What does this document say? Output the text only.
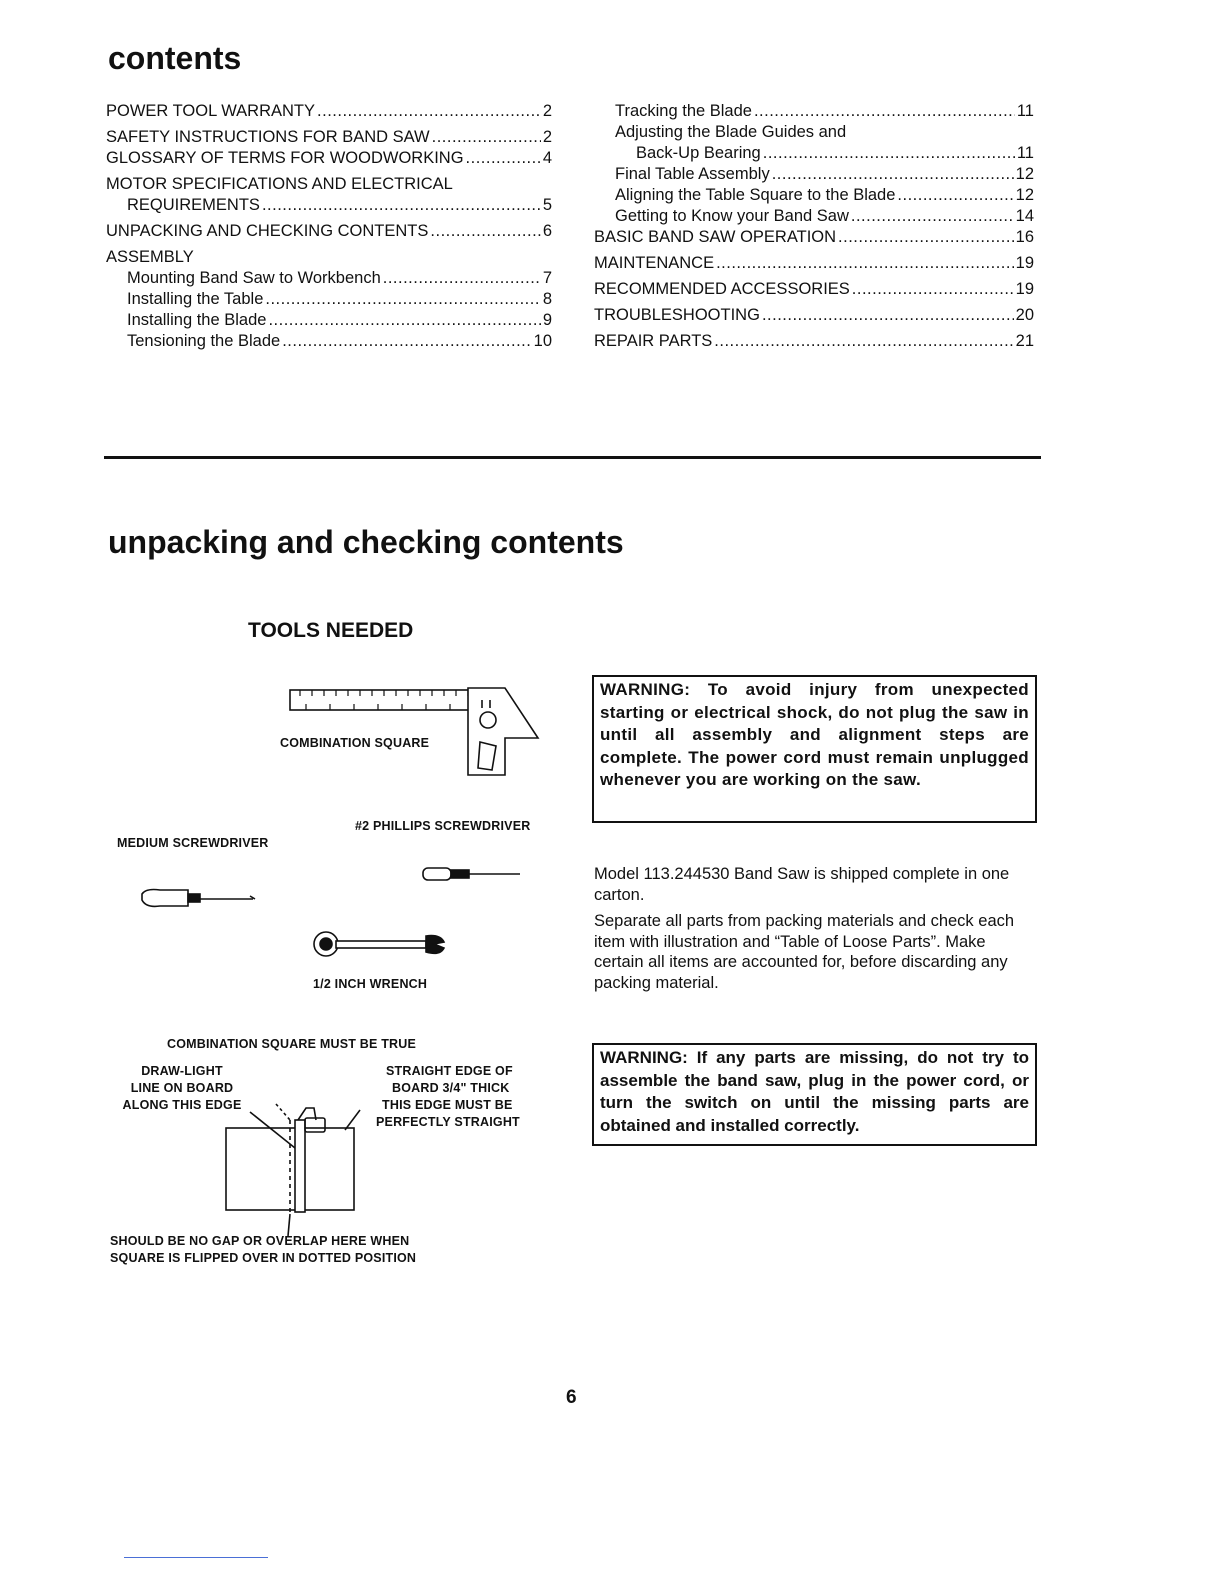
contents
POWER TOOL WARRANTY .....	2
SAFETY INSTRUCTIONS FOR BAND SAW .....	2
GLOSSARY OF TERMS FOR WOODWORKING .....	4
MOTOR SPECIFICATIONS AND ELECTRICAL
REQUIREMENTS .....	5
UNPACKING AND CHECKING CONTENTS .....	6
ASSEMBLY
Mounting Band Saw to Workbench .....	7
Installing the Table .....	8
Installing the Blade .....	9
Tensioning the Blade .....	10
Tracking the Blade .....	11
Adjusting the Blade Guides and
Back-Up Bearing .....	11
Final Table Assembly .....	12
Aligning the Table Square to the Blade .....	12
Getting to Know your Band Saw .....	14
BASIC BAND SAW OPERATION .....	16
MAINTENANCE .....	19
RECOMMENDED ACCESSORIES .....	19
TROUBLESHOOTING .....	20
REPAIR PARTS .....	21
unpacking and checking contents
TOOLS NEEDED
COMBINATION SQUARE
#2 PHILLIPS SCREWDRIVER
MEDIUM SCREWDRIVER
1/2 INCH WRENCH
COMBINATION SQUARE MUST BE TRUE
DRAW-LIGHT
LINE ON BOARD
ALONG THIS EDGE
STRAIGHT EDGE OF
BOARD 3/4" THICK
THIS EDGE MUST BE
PERFECTLY STRAIGHT
SHOULD BE NO GAP OR OVERLAP HERE WHEN
SQUARE IS FLIPPED OVER IN DOTTED POSITION
WARNING: To avoid injury from unexpected starting or electrical shock, do not plug the saw in until all assembly and alignment steps are complete. The power cord must remain unplugged whenever you are working on the saw.

Model 113.244530 Band Saw is shipped complete in one carton.

Separate all parts from packing materials and check each item with illustration and “Table of Loose Parts”. Make certain all items are accounted for, before discarding any packing material.

WARNING: If any parts are missing, do not try to assemble the band saw, plug in the power cord, or turn the switch on until the missing parts are obtained and installed correctly.
6
